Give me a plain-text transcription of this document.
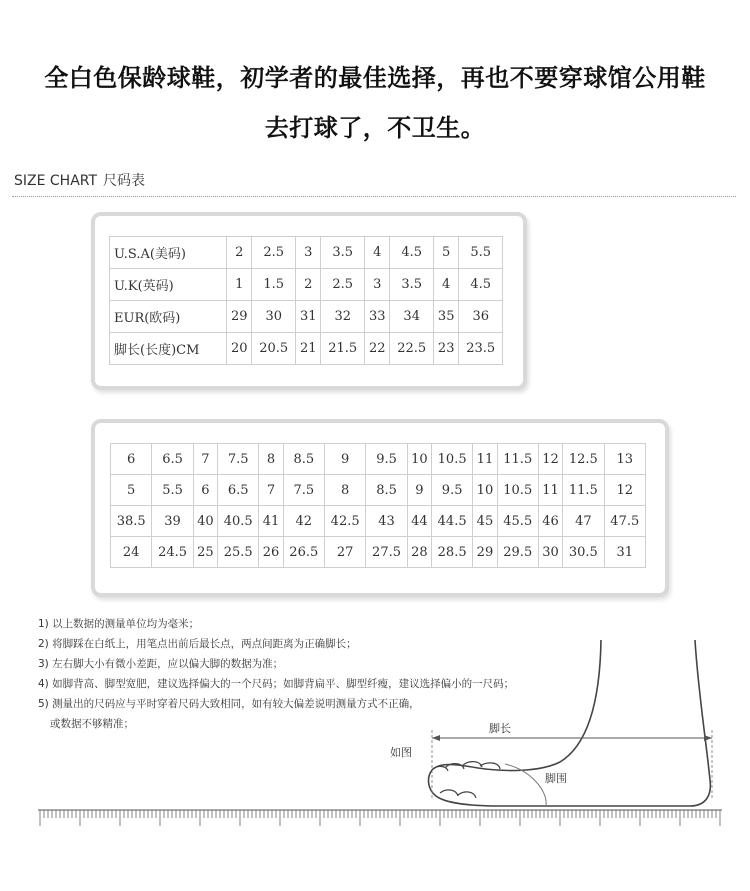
全白色保龄球鞋，初学者的最佳选择，再也不要穿球馆公用鞋
去打球了，不卫生。
SIZE CHART 尺码表
U.S.A(美码)	2	2.5	3	3.5	4	4.5	5	5.5
U.K(英码)	1	1.5	2	2.5	3	3.5	4	4.5
EUR(欧码)	29	30	31	32	33	34	35	36
脚长(长度)CM	20	20.5	21	21.5	22	22.5	23	23.5
6	6.5	7	7.5	8	8.5	9	9.5	10	10.5	11	11.5	12	12.5	13
5	5.5	6	6.5	7	7.5	8	8.5	9	9.5	10	10.5	11	11.5	12
38.5	39	40	40.5	41	42	42.5	43	44	44.5	45	45.5	46	47	47.5
24	24.5	25	25.5	26	26.5	27	27.5	28	28.5	29	29.5	30	30.5	31
1) 以上数据的测量单位均为毫米；
2) 将脚踩在白纸上，用笔点出前后最长点，两点间距离为正确脚长；
3) 左右脚大小有微小差距，应以偏大脚的数据为准；
4) 如脚背高、脚型宽肥，建议选择偏大的一个尺码；如脚背扁平、脚型纤瘦，建议选择偏小的一尺码；
5) 测量出的尺码应与平时穿着尺码大致相同，如有较大偏差说明测量方式不正确，
或数据不够精准；	脚长
如图
脚围
